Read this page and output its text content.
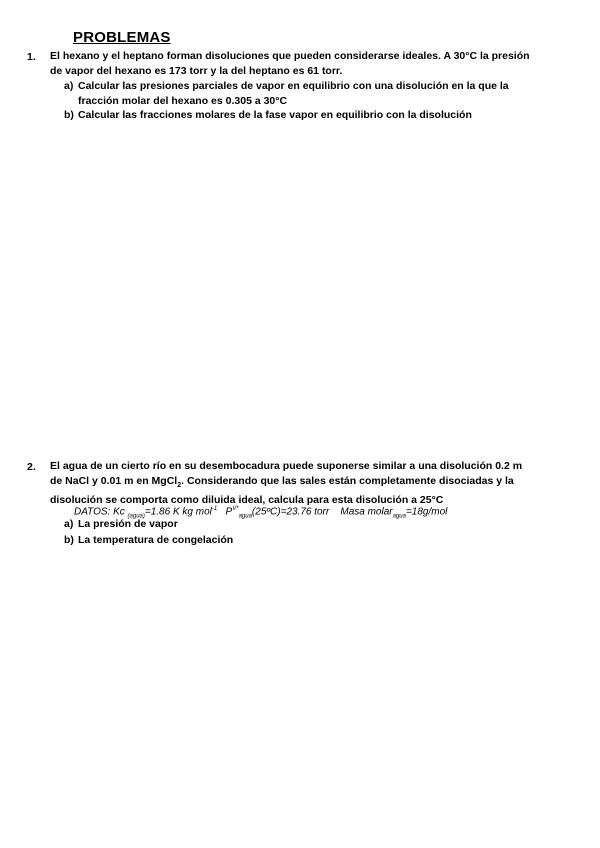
PROBLEMAS
1. El hexano y el heptano forman disoluciones que pueden considerarse ideales. A 30°C la presión
de vapor del hexano es 173 torr y la del heptano es 61 torr.
a) Calcular las presiones parciales de vapor en equilibrio con una disolución en la que la
fracción molar del hexano es 0.305 a 30°C
b) Calcular las fracciones molares de la fase vapor en equilibrio con la disolución
2. El agua de un cierto río en su desembocadura puede suponerse similar a una disolución 0.2 m
de NaCl y 0.01 m en MgCl$_2$. Considerando que las sales están completamente disociadas y la
disolución se comporta como diluida ideal, calcula para esta disolución a 25°C
DATOS: Kc $_{(agua)}$=1.86 K kg mol$^{-1}$ $P^{V*}_{agua}(25ºC)=23.76$ torr Masa molar$_{agua}$=18g/mol
a) La presión de vapor
b) La temperatura de congelación
